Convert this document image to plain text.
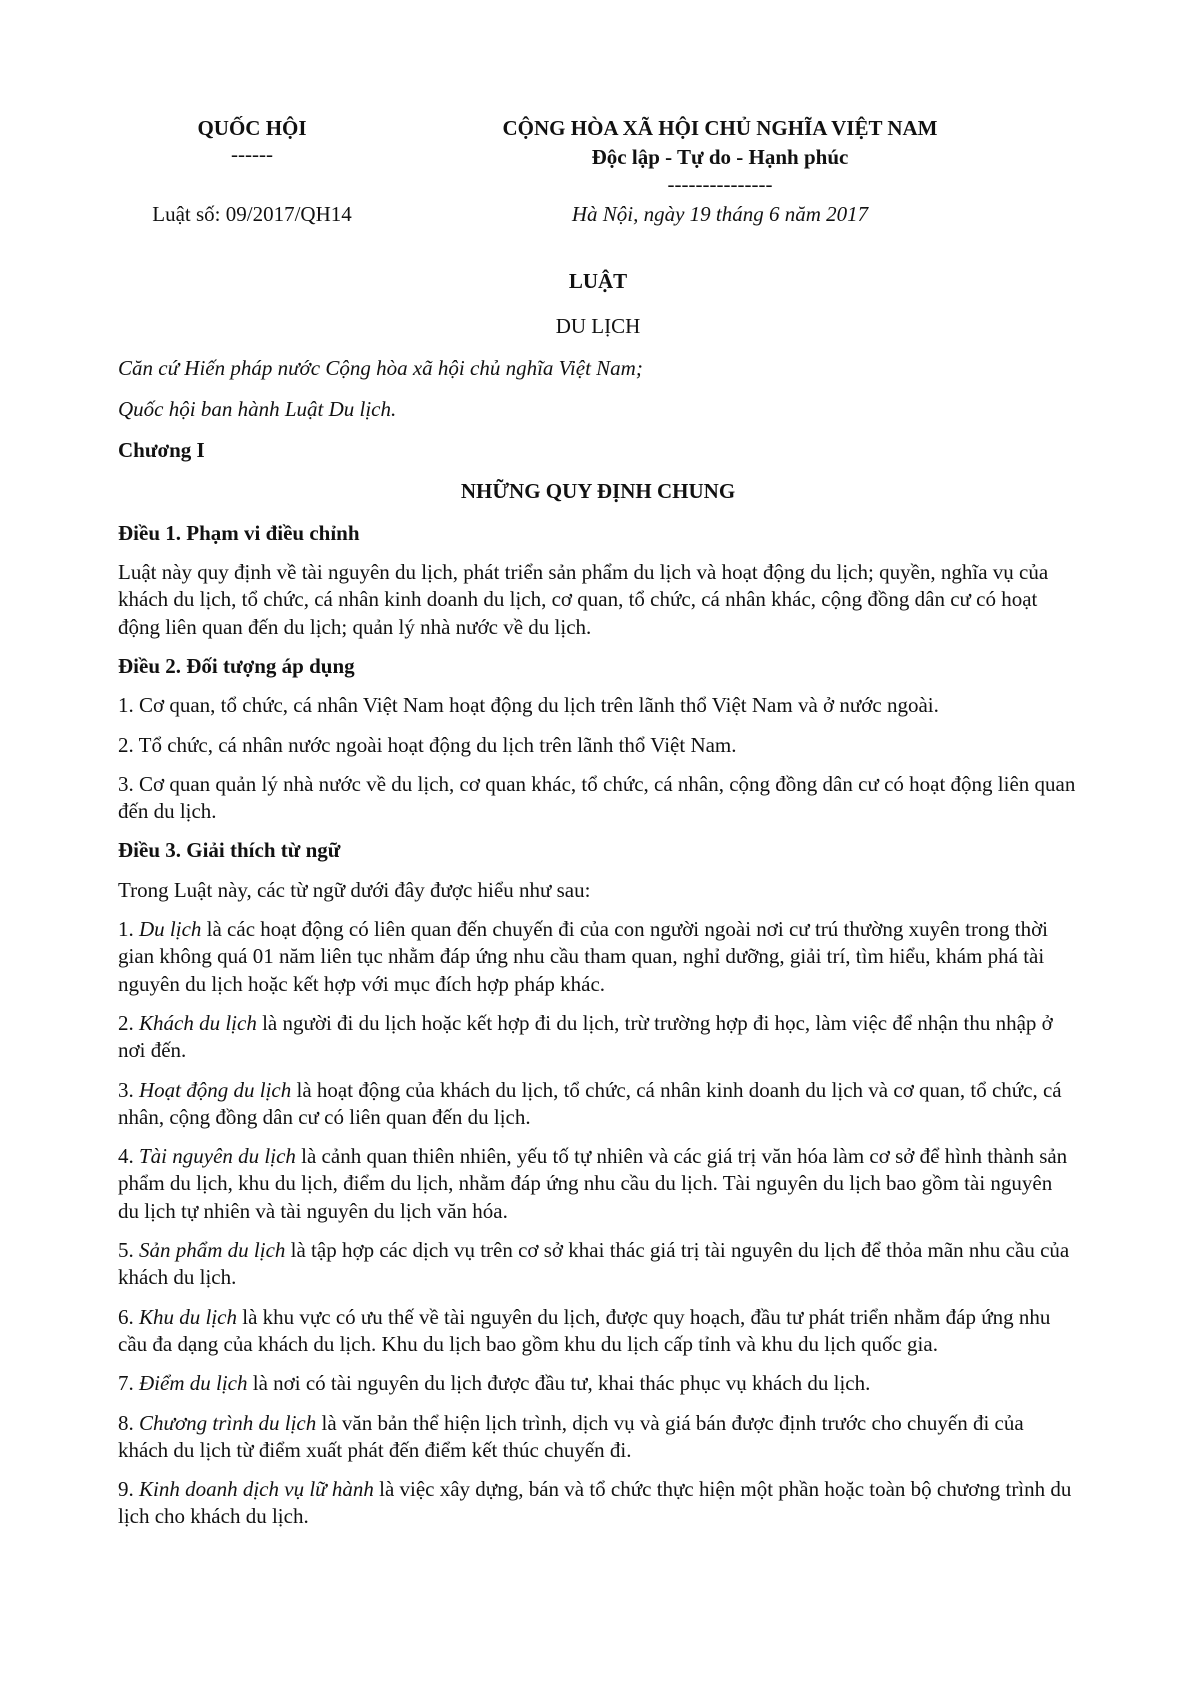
QUỐC HỘI
------
CỘNG HÒA XÃ HỘI CHỦ NGHĨA VIỆT NAM
Độc lập - Tự do - Hạnh phúc
---------------
Luật số: 09/2017/QH14	Hà Nội, ngày 19 tháng 6 năm 2017

LUẬT

DU LỊCH

Căn cứ Hiến pháp nước Cộng hòa xã hội chủ nghĩa Việt Nam;

Quốc hội ban hành Luật Du lịch.

Chương I

NHỮNG QUY ĐỊNH CHUNG

Điều 1. Phạm vi điều chỉnh

Luật này quy định về tài nguyên du lịch, phát triển sản phẩm du lịch và hoạt động du lịch; quyền, nghĩa vụ của khách du lịch, tổ chức, cá nhân kinh doanh du lịch, cơ quan, tổ chức, cá nhân khác, cộng đồng dân cư có hoạt động liên quan đến du lịch; quản lý nhà nước về du lịch.

Điều 2. Đối tượng áp dụng

1. Cơ quan, tổ chức, cá nhân Việt Nam hoạt động du lịch trên lãnh thổ Việt Nam và ở nước ngoài.

2. Tổ chức, cá nhân nước ngoài hoạt động du lịch trên lãnh thổ Việt Nam.

3. Cơ quan quản lý nhà nước về du lịch, cơ quan khác, tổ chức, cá nhân, cộng đồng dân cư có hoạt động liên quan đến du lịch.

Điều 3. Giải thích từ ngữ

Trong Luật này, các từ ngữ dưới đây được hiểu như sau:

1. Du lịch là các hoạt động có liên quan đến chuyến đi của con người ngoài nơi cư trú thường xuyên trong thời gian không quá 01 năm liên tục nhằm đáp ứng nhu cầu tham quan, nghỉ dưỡng, giải trí, tìm hiểu, khám phá tài nguyên du lịch hoặc kết hợp với mục đích hợp pháp khác.

2. Khách du lịch là người đi du lịch hoặc kết hợp đi du lịch, trừ trường hợp đi học, làm việc để nhận thu nhập ở nơi đến.

3. Hoạt động du lịch là hoạt động của khách du lịch, tổ chức, cá nhân kinh doanh du lịch và cơ quan, tổ chức, cá nhân, cộng đồng dân cư có liên quan đến du lịch.

4. Tài nguyên du lịch là cảnh quan thiên nhiên, yếu tố tự nhiên và các giá trị văn hóa làm cơ sở để hình thành sản phẩm du lịch, khu du lịch, điểm du lịch, nhằm đáp ứng nhu cầu du lịch. Tài nguyên du lịch bao gồm tài nguyên du lịch tự nhiên và tài nguyên du lịch văn hóa.

5. Sản phẩm du lịch là tập hợp các dịch vụ trên cơ sở khai thác giá trị tài nguyên du lịch để thỏa mãn nhu cầu của khách du lịch.

6. Khu du lịch là khu vực có ưu thế về tài nguyên du lịch, được quy hoạch, đầu tư phát triển nhằm đáp ứng nhu cầu đa dạng của khách du lịch. Khu du lịch bao gồm khu du lịch cấp tỉnh và khu du lịch quốc gia.

7. Điểm du lịch là nơi có tài nguyên du lịch được đầu tư, khai thác phục vụ khách du lịch.

8. Chương trình du lịch là văn bản thể hiện lịch trình, dịch vụ và giá bán được định trước cho chuyến đi của khách du lịch từ điểm xuất phát đến điểm kết thúc chuyến đi.

9. Kinh doanh dịch vụ lữ hành là việc xây dựng, bán và tổ chức thực hiện một phần hoặc toàn bộ chương trình du lịch cho khách du lịch.
